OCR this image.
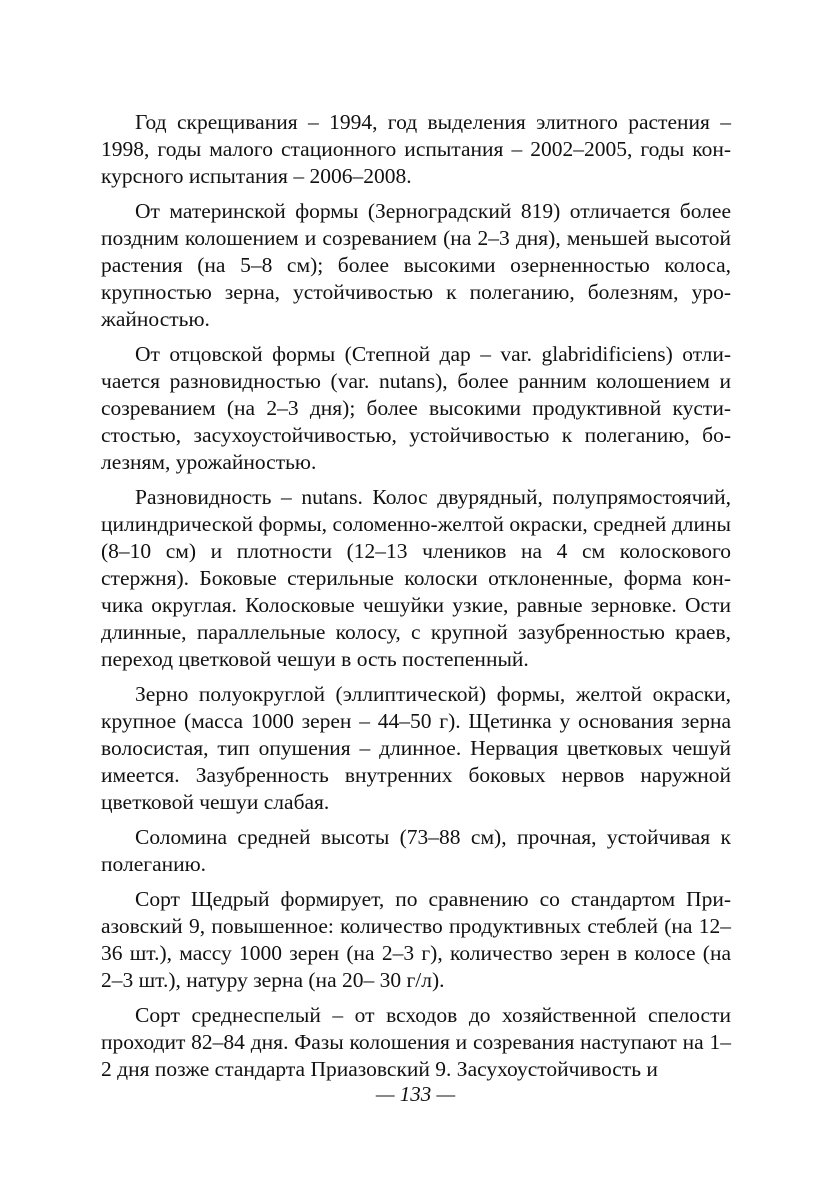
Год скрещивания – 1994, год выделения элитного растения – 1998, годы малого стационного испытания – 2002–2005, годы конкурсного испытания – 2006–2008.

От материнской формы (Зерноградский 819) отличается более поздним колошением и созреванием (на 2–3 дня), меньшей высотой растения (на 5–8 см); более высокими озерненностью колоса, крупностью зерна, устойчивостью к полеганию, болезням, урожайностью.

От отцовской формы (Степной дар – var. glabridificiens) отличается разновидностью (var. nutans), более ранним колошением и созреванием (на 2–3 дня); более высокими продуктивной кустистостью, засухоустойчивостью, устойчивостью к полеганию, болезням, урожайностью.

Разновидность – nutans. Колос двурядный, полупрямостоячий, цилиндрической формы, соломенно-желтой окраски, средней длины (8–10 см) и плотности (12–13 члеников на 4 см колоскового стержня). Боковые стерильные колоски отклоненные, форма кончика округлая. Колосковые чешуйки узкие, равные зерновке. Ости длинные, параллельные колосу, с крупной зазубренностью краев, переход цветковой чешуи в ость постепенный.

Зерно полуокруглой (эллиптической) формы, желтой окраски, крупное (масса 1000 зерен – 44–50 г). Щетинка у основания зерна волосистая, тип опушения – длинное. Нервация цветковых чешуй имеется. Зазубренность внутренних боковых нервов наружной цветковой чешуи слабая.

Соломина средней высоты (73–88 см), прочная, устойчивая к полеганию.

Сорт Щедрый формирует, по сравнению со стандартом Приазовский 9, повышенное: количество продуктивных стеблей (на 12–36 шт.), массу 1000 зерен (на 2–3 г), количество зерен в колосе (на 2–3 шт.), натуру зерна (на 20– 30 г/л).

Сорт среднеспелый – от всходов до хозяйственной спелости проходит 82–84 дня. Фазы колошения и созревания наступают на 1–2 дня позже стандарта Приазовский 9. Засухоустойчивость и

— 133 —
